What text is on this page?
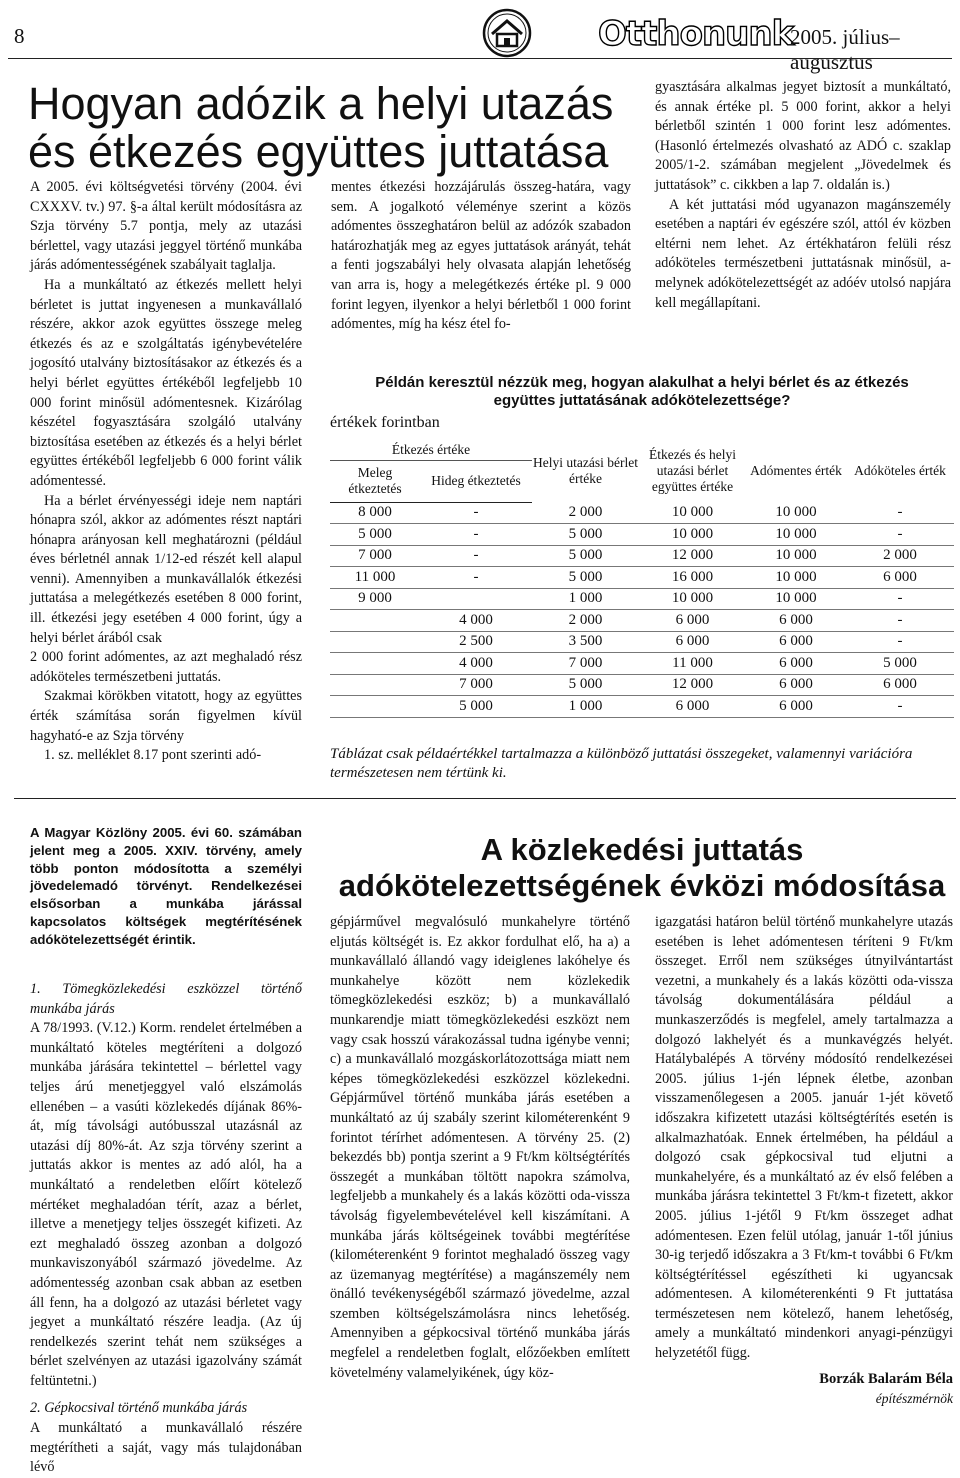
8	Otthonunk
2005. július–augusztus
Hogyan adózik a helyi utazás
és étkezés együttes juttatása

A 2005. évi költségvetési törvény (2004. évi CXXXV. tv.) 97. §-a által került módosításra az Szja törvény 5.7 pontja, mely az utazási bérlettel, vagy utazási jeggyel történő munkába járás adómentességének szabályait taglalja.

Ha a munkáltató az étkezés mellett helyi bérletet is juttat ingyenesen a munkavállaló részére, akkor azok együttes összege meleg étkezés és az e szolgáltatás igénybevételére jogosító utalvány biztosításakor az étkezés és a helyi bérlet együttes értékéből legfeljebb 10 000 forint minősül adómentesnek. Kizárólag készétel fogyasztására szolgáló utalvány biztosítása esetében az étkezés és a helyi bérlet együttes értékéből legfeljebb 6 000 forint válik adómentessé.

Ha a bérlet érvényességi ideje nem naptári hónapra szól, akkor az adómentes részt naptári hónapra arányosan kell meghatározni (például éves bérletnél annak 1/12-ed részét kell alapul venni). Amennyiben a munkavállalók étkezési juttatása a melegétkezés esetében 8 000 forint, ill. étkezési jegy esetében 4 000 forint, úgy a helyi bérlet árából csak

2 000 forint adómentes, az azt meghaladó rész adóköteles természetbeni juttatás.

Szakmai körökben vitatott, hogy az együttes érték számítása során figyelmen kívül hagyható-e az Szja törvény

1. sz. melléklet 8.17 pont szerinti adó-

mentes étkezési hozzájárulás összeg-határa, vagy sem. A jogalkotó véleménye szerint a közös adómentes összeghatáron belül az adózók szabadon határozhatják meg az egyes juttatások arányát, tehát a fenti jogszabályi hely olvasata alapján lehetőség van arra is, hogy a melegétkezés értéke pl. 9 000 forint legyen, ilyenkor a helyi bérletből 1 000 forint adómentes, míg ha kész étel fo-

gyasztására alkalmas jegyet biztosít a munkáltató, és annak értéke pl. 5 000 forint, akkor a helyi bérletből szintén 1 000 forint lesz adómentes. (Hasonló értelmezés olvasható az ADÓ c. szaklap 2005/1-2. számában megjelent „Jövedelmek és juttatások” c. cikkben a lap 7. oldalán is.)

A két juttatási mód ugyanazon magánszemély esetében a naptári év egészére szól, attól év közben eltérni nem lehet. Az értékhatáron felüli rész adóköteles természetbeni juttatásnak minősül, a-melynek adókötelezettségét az adóév utolsó napjára kell megállapítani.

Példán keresztül nézzük meg, hogyan alakulhat a helyi bérlet és az étkezés
együttes juttatásának adókötelezettsége?
értékek forintban
Étkezés értéke		Helyi utazási bérlet értéke	Étkezés és helyi utazási bérlet együttes értéke	Adómentes érték	Adóköteles érték
Meleg étkeztetés	Hideg étkeztetés				
8 000	-	2 000	10 000	10 000	-
5 000	-	5 000	10 000	10 000	-
7 000	-	5 000	12 000	10 000	2 000
11 000	-	5 000	16 000	10 000	6 000
9 000		1 000	10 000	10 000	-
	4 000	2 000	6 000	6 000	-
	2 500	3 500	6 000	6 000	-
	4 000	7 000	11 000	6 000	5 000
	7 000	5 000	12 000	6 000	6 000
	5 000	1 000	6 000	6 000	-
Táblázat csak példaértékkel tartalmazza a különböző juttatási összegeket, valamennyi variációra természetesen nem tértünk ki.
A Magyar Közlöny 2005. évi 60. számában jelent meg a 2005. XXIV. törvény, amely több ponton módosította a személyi jövedelemadó törvényt. Rendelkezései elsősorban a munkába járással kapcsolatos költségek megtérítésének adókötelezettségét érintik.
A közlekedési juttatás
adókötelezettségének évközi módosítása

1. Tömegközlekedési eszközzel történő munkába járás

A 78/1993. (V.12.) Korm. rendelet értelmében a munkáltató köteles megtéríteni a dolgozó munkába járására tekintettel – bérlettel vagy teljes árú menetjeggyel való elszámolás ellenében – a vasúti közlekedés díjának 86%-át, míg távolsági autóbusszal utazásnál az utazási díj 80%-át. Az szja törvény szerint a juttatás akkor is mentes az adó alól, ha a munkáltató a rendeletben előírt kötelező mértéket meghaladóan térít, azaz a bérlet, illetve a menetjegy teljes összegét kifizeti. Az ezt meghaladó összeg azonban a dolgozó munkaviszonyából származó jövedelme. Az adómentesség azonban csak abban az esetben áll fenn, ha a dolgozó az utazási bérletet vagy jegyet a munkáltató részére leadja. (Az új rendelkezés szerint tehát nem szükséges a bérlet szelvényen az utazási igazolvány számát feltüntetni.)

2. Gépkocsival történő munkába járás

A munkáltató a munkavállaló részére megtérítheti a saját, vagy más tulajdonában lévő

gépjárművel megvalósuló munkahelyre történő eljutás költségét is. Ez akkor fordulhat elő, ha a) a munkavállaló állandó vagy ideiglenes lakóhelye és munkahelye között nem közlekedik tömegközlekedési eszköz; b) a munkavállaló munkarendje miatt tömegközlekedési eszközt nem vagy csak hosszú várakozással tudna igénybe venni; c) a munkavállaló mozgáskorlátozottsága miatt nem képes tömegközlekedési eszközzel közlekedni. Gépjárművel történő munkába járás esetében a munkáltató az új szabály szerint kilométerenként 9 forintot térírhet adómentesen. A törvény 25. (2) bekezdés bb) pontja szerint a 9 Ft/km költségtérítés összegét a munkában töltött napokra számolva, legfeljebb a munkahely és a lakás közötti oda-vissza távolság figyelembevételével kell kiszámítani. A munkába járás költségeinek további megtérítése (kilométerenként 9 forintot meghaladó összeg vagy az üzemanyag megtérítése) a magánszemély nem önálló tevékenységéből származó jövedelme, azzal szemben költségelszámolásra nincs lehetőség. Amennyiben a gépkocsival történő munkába járás megfelel a rendeletben foglalt, előzőekben említett követelmény valamelyikének, úgy köz-

igazgatási határon belül történő munkahelyre utazás esetében is lehet adómentesen téríteni 9 Ft/km összeget. Erről nem szükséges útnyilvántartást vezetni, a munkahely és a lakás közötti oda-vissza távolság dokumentálására például a munkaszerződés is megfelel, amely tartalmazza a dolgozó lakhelyét és a munkavégzés helyét. Hatálybalépés A törvény módosító rendelkezései 2005. július 1-jén lépnek életbe, azonban visszamenőlegesen a 2005. január 1-jét követő időszakra kifizetett utazási költségtérítés esetén is alkalmazhatóak. Ennek értelmében, ha például a dolgozó csak gépkocsival tud eljutni a munkahelyére, és a munkáltató az év első felében a munkába járásra tekintettel 3 Ft/km-t fizetett, akkor 2005. július 1-jétől 9 Ft/km összeget adhat adómentesen. Ezen felül utólag, január 1-től június 30-ig terjedő időszakra a 3 Ft/km-t további 6 Ft/km költségtérítéssel egészítheti ki ugyancsak adómentesen. A kilométerenkénti 9 Ft juttatása természetesen nem kötelező, hanem lehetőség, amely a munkáltató mindenkori anyagi-pénzügyi helyzetétől függ.

Borzák Balarám Béla
építészmérnök
